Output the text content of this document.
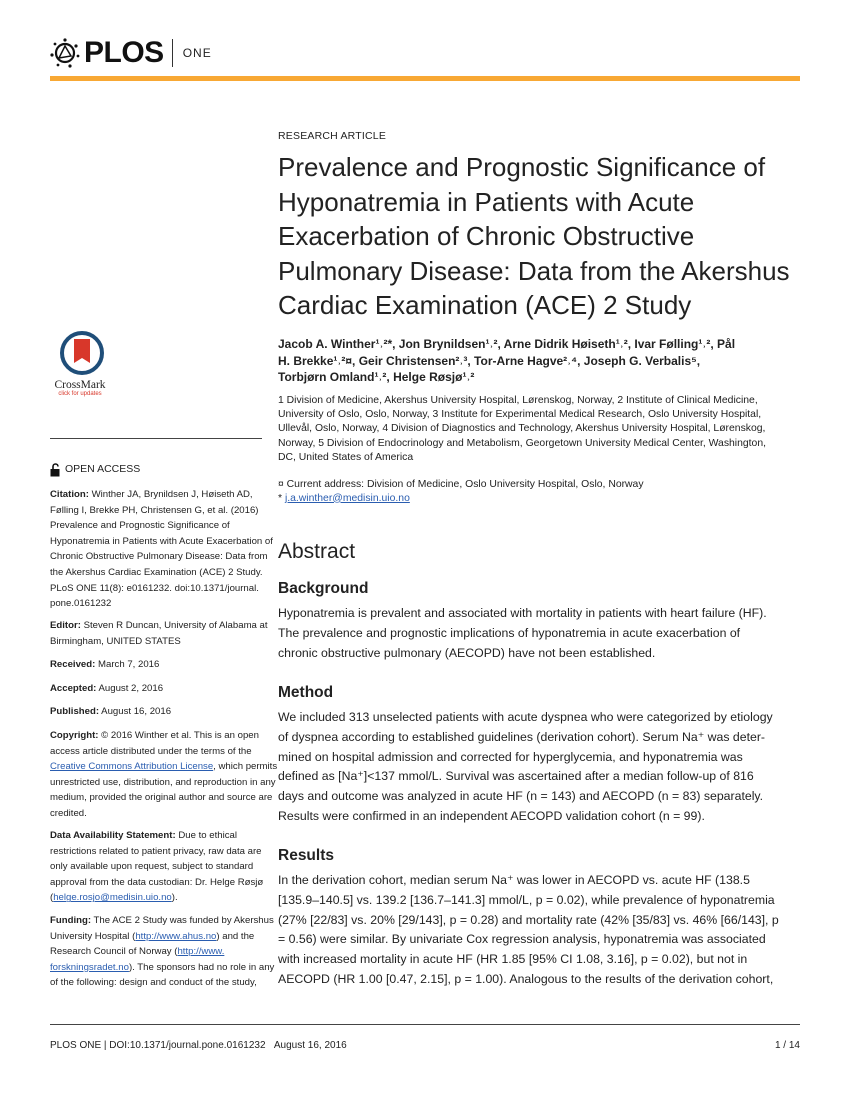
PLOS ONE
CrossMark
click for updates
OPEN ACCESS
Citation: Winther JA, Brynildsen J, Høiseth AD,
Følling I, Brekke PH, Christensen G, et al. (2016)
Prevalence and Prognostic Significance of
Hyponatremia in Patients with Acute Exacerbation of
Chronic Obstructive Pulmonary Disease: Data from
the Akershus Cardiac Examination (ACE) 2 Study.
PLoS ONE 11(8): e0161232. doi:10.1371/journal.
pone.0161232
Editor: Steven R Duncan, University of Alabama at
Birmingham, UNITED STATES
Received: March 7, 2016
Accepted: August 2, 2016
Published: August 16, 2016
Copyright: © 2016 Winther et al. This is an open
access article distributed under the terms of the
Creative Commons Attribution License, which permits
unrestricted use, distribution, and reproduction in any
medium, provided the original author and source are
credited.
Data Availability Statement: Due to ethical
restrictions related to patient privacy, raw data are
only available upon request, subject to standard
approval from the data custodian: Dr. Helge Røsjø
(helge.rosjo@medisin.uio.no).
Funding: The ACE 2 Study was funded by Akershus
University Hospital (http://www.ahus.no) and the
Research Council of Norway (http://www.
forskningsradet.no). The sponsors had no role in any
of the following: design and conduct of the study,
RESEARCH ARTICLE
Prevalence and Prognostic Significance of
Hyponatremia in Patients with Acute
Exacerbation of Chronic Obstructive
Pulmonary Disease: Data from the Akershus
Cardiac Examination (ACE) 2 Study
Jacob A. Winther¹˒²*, Jon Brynildsen¹˒², Arne Didrik Høiseth¹˒², Ivar Følling¹˒², Pål
H. Brekke¹˒²¤, Geir Christensen²˒³, Tor-Arne Hagve²˒⁴, Joseph G. Verbalis⁵,
Torbjørn Omland¹˒², Helge Røsjø¹˒²
1 Division of Medicine, Akershus University Hospital, Lørenskog, Norway, 2 Institute of Clinical Medicine,
University of Oslo, Oslo, Norway, 3 Institute for Experimental Medical Research, Oslo University Hospital,
Ullevål, Oslo, Norway, 4 Division of Diagnostics and Technology, Akershus University Hospital, Lørenskog,
Norway, 5 Division of Endocrinology and Metabolism, Georgetown University Medical Center, Washington,
DC, United States of America
¤ Current address: Division of Medicine, Oslo University Hospital, Oslo, Norway
* j.a.winther@medisin.uio.no
Abstract
Background
Hyponatremia is prevalent and associated with mortality in patients with heart failure (HF).
The prevalence and prognostic implications of hyponatremia in acute exacerbation of
chronic obstructive pulmonary (AECOPD) have not been established.
Method
We included 313 unselected patients with acute dyspnea who were categorized by etiology
of dyspnea according to established guidelines (derivation cohort). Serum Na⁺ was deter-
mined on hospital admission and corrected for hyperglycemia, and hyponatremia was
defined as [Na⁺]<137 mmol/L. Survival was ascertained after a median follow-up of 816
days and outcome was analyzed in acute HF (n = 143) and AECOPD (n = 83) separately.
Results were confirmed in an independent AECOPD validation cohort (n = 99).
Results
In the derivation cohort, median serum Na⁺ was lower in AECOPD vs. acute HF (138.5
[135.9–140.5] vs. 139.2 [136.7–141.3] mmol/L, p = 0.02), while prevalence of hyponatremia
(27% [22/83] vs. 20% [29/143], p = 0.28) and mortality rate (42% [35/83] vs. 46% [66/143], p
= 0.56) were similar. By univariate Cox regression analysis, hyponatremia was associated
with increased mortality in acute HF (HR 1.85 [95% CI 1.08, 3.16], p = 0.02), but not in
AECOPD (HR 1.00 [0.47, 2.15], p = 1.00). Analogous to the results of the derivation cohort,
PLOS ONE | DOI:10.1371/journal.pone.0161232 August 16, 2016	1 / 14
